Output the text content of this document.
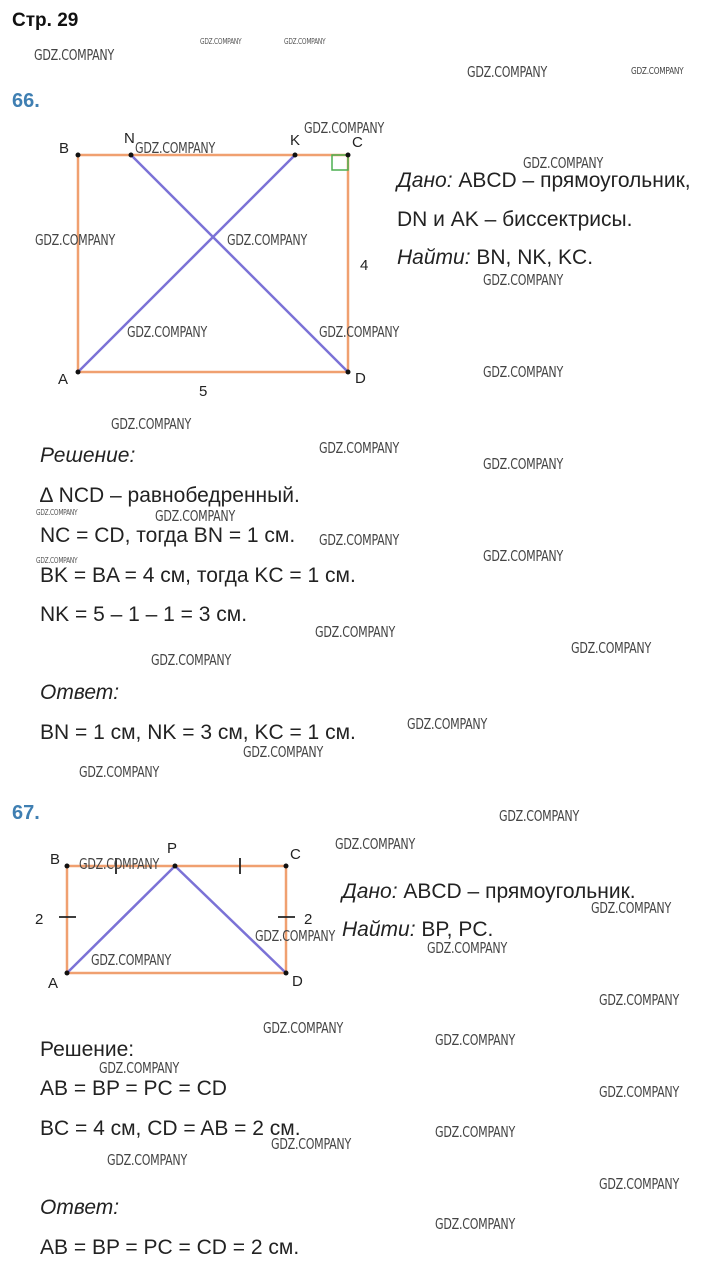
Стр. 29
66.
B
N	K	C
A	D
4
5
Дано: ABCD – прямоугольник,
DN и AK – биссектрисы.
Найти: BN, NK, KC.
Решение:
∆ NCD – равнобедренный.
NC = CD, тогда BN = 1 см.
BK = BA = 4 см, тогда KC = 1 см.
NK = 5 – 1 – 1 = 3 см.
Ответ:
BN = 1 см, NK = 3 см, KC = 1 см.
67.
B
P	C
A	D
2	2
Дано: ABCD – прямоугольник.
Найти: BP, PC.
Решение:
AB = BP = PC = CD
BC = 4 см, CD = AB = 2 см.
Ответ:
AB = BP = PC = CD = 2 см.
GDZ.COMPANY
GDZ.COMPANY	GDZ.COMPANY
GDZ.COMPANY	GDZ.COMPANY
GDZ.COMPANY
GDZ.COMPANY
GDZ.COMPANY
GDZ.COMPANY	GDZ.COMPANY
GDZ.COMPANY
GDZ.COMPANY	GDZ.COMPANY
GDZ.COMPANY
GDZ.COMPANY
GDZ.COMPANY
GDZ.COMPANY
GDZ.COMPANY	GDZ.COMPANY
GDZ.COMPANY
GDZ.COMPANY
GDZ.COMPANY
GDZ.COMPANY
GDZ.COMPANY
GDZ.COMPANY
GDZ.COMPANY
GDZ.COMPANY
GDZ.COMPANY
GDZ.COMPANY
GDZ.COMPANY
GDZ.COMPANY
GDZ.COMPANY
GDZ.COMPANY
GDZ.COMPANY
GDZ.COMPANY
GDZ.COMPANY
GDZ.COMPANY
GDZ.COMPANY
GDZ.COMPANY
GDZ.COMPANY
GDZ.COMPANY
GDZ.COMPANY
GDZ.COMPANY
GDZ.COMPANY
GDZ.COMPANY
